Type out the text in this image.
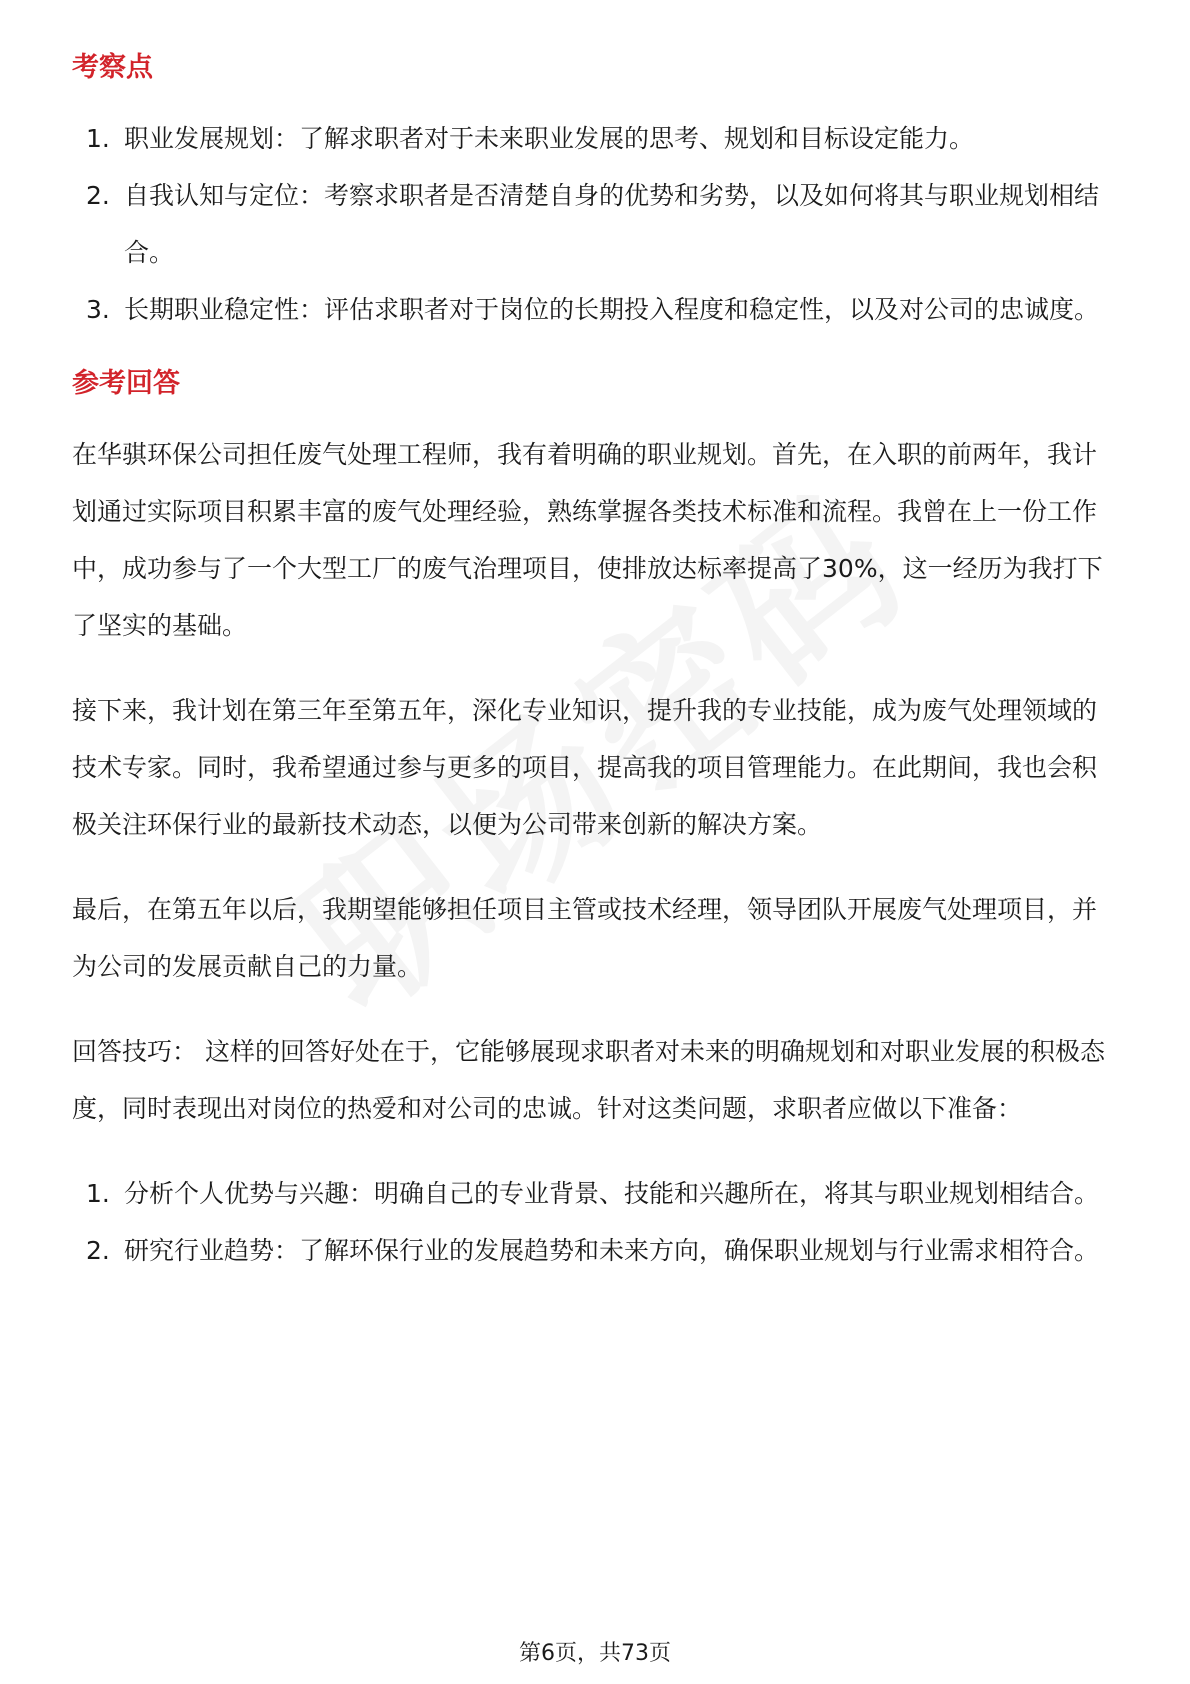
考察点
1. 职业发展规划：了解求职者对于未来职业发展的思考、规划和目标设定能力。
2. 自我认知与定位：考察求职者是否清楚自身的优势和劣势，以及如何将其与职业规划相结合。
3. 长期职业稳定性：评估求职者对于岗位的长期投入程度和稳定性，以及对公司的忠诚度。
参考回答

在华骐环保公司担任废气处理工程师，我有着明确的职业规划。首先，在入职的前两年，我计划通过实际项目积累丰富的废气处理经验，熟练掌握各类技术标准和流程。我曾在上一份工作中，成功参与了一个大型工厂的废气治理项目，使排放达标率提高了30%，这一经历为我打下了坚实的基础。

接下来，我计划在第三年至第五年，深化专业知识，提升我的专业技能，成为废气处理领域的技术专家。同时，我希望通过参与更多的项目，提高我的项目管理能力。在此期间，我也会积极关注环保行业的最新技术动态，以便为公司带来创新的解决方案。

最后，在第五年以后，我期望能够担任项目主管或技术经理，领导团队开展废气处理项目，并为公司的发展贡献自己的力量。

回答技巧： 这样的回答好处在于，它能够展现求职者对未来的明确规划和对职业发展的积极态度，同时表现出对岗位的热爱和对公司的忠诚。针对这类问题，求职者应做以下准备：

1. 分析个人优势与兴趣：明确自己的专业背景、技能和兴趣所在，将其与职业规划相结合。
2. 研究行业趋势：了解环保行业的发展趋势和未来方向，确保职业规划与行业需求相符合。
第6页，共73页
